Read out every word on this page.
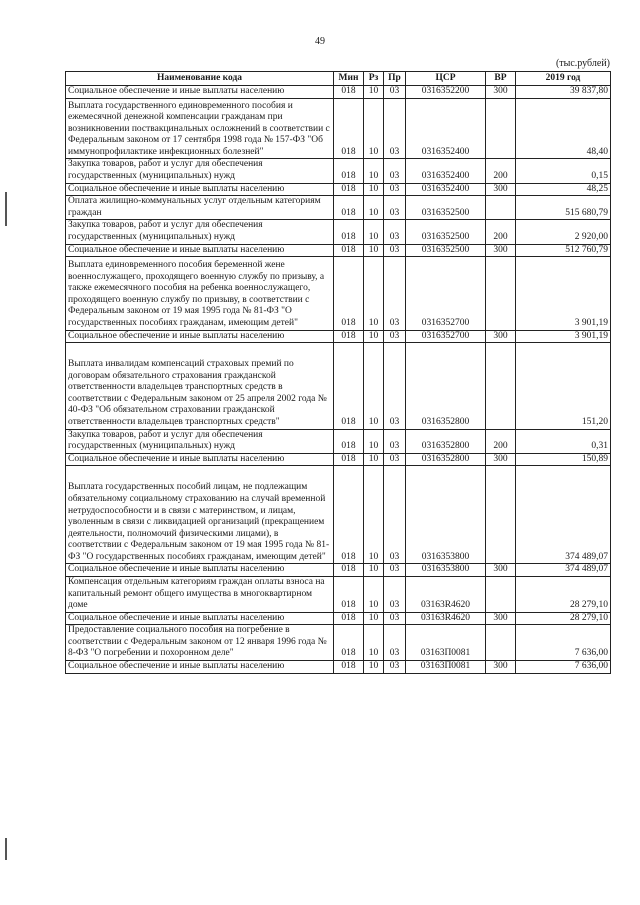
49
(тыс.рублей)
Наименование кода	Мин	Рз	Пр	ЦСР	ВР	2019 год
Социальное обеспечение и иные выплаты населению	018	10	03	0316352200	300	39 837,80
Выплата государственного единовременного пособия и ежемесячной денежной компенсации гражданам при возникновении поствакцинальных осложнений в соответствии с Федеральным законом от 17 сентября 1998 года № 157-ФЗ "Об иммунопрофилактике инфекционных болезней"	018	10	03	0316352400		48,40
Закупка товаров, работ и услуг для обеспечения государственных (муниципальных) нужд	018	10	03	0316352400	200	0,15
Социальное обеспечение и иные выплаты населению	018	10	03	0316352400	300	48,25
Оплата жилищно-коммунальных услуг отдельным категориям граждан	018	10	03	0316352500		515 680,79
Закупка товаров, работ и услуг для обеспечения государственных (муниципальных) нужд	018	10	03	0316352500	200	2 920,00
Социальное обеспечение и иные выплаты населению	018	10	03	0316352500	300	512 760,79
Выплата единовременного пособия беременной жене военнослужащего, проходящего военную службу по призыву, а также ежемесячного пособия на ребенка военнослужащего, проходящего военную службу по призыву, в соответствии с Федеральным законом от 19 мая 1995 года № 81-ФЗ "О государственных пособиях гражданам, имеющим детей"	018	10	03	0316352700		3 901,19
Социальное обеспечение и иные выплаты населению	018	10	03	0316352700	300	3 901,19
Выплата инвалидам компенсаций страховых премий по договорам обязательного страхования гражданской ответственности владельцев транспортных средств в соответствии с Федеральным законом от 25 апреля 2002 года № 40-ФЗ "Об обязательном страховании гражданской ответственности владельцев транспортных средств"	018	10	03	0316352800		151,20
Закупка товаров, работ и услуг для обеспечения государственных (муниципальных) нужд	018	10	03	0316352800	200	0,31
Социальное обеспечение и иные выплаты населению	018	10	03	0316352800	300	150,89
Выплата государственных пособий лицам, не подлежащим обязательному социальному страхованию на случай временной нетрудоспособности и в связи с материнством, и лицам, уволенным в связи с ликвидацией организаций (прекращением деятельности, полномочий физическими лицами), в соответствии с Федеральным законом от 19 мая 1995 года № 81-ФЗ "О государственных пособиях гражданам, имеющим детей"	018	10	03	0316353800		374 489,07
Социальное обеспечение и иные выплаты населению	018	10	03	0316353800	300	374 489,07
Компенсация отдельным категориям граждан оплаты взноса на капитальный ремонт общего имущества в многоквартирном доме	018	10	03	03163R4620		28 279,10
Социальное обеспечение и иные выплаты населению	018	10	03	03163R4620	300	28 279,10
Предоставление социального пособия на погребение в соответствии с Федеральным законом от 12 января 1996 года № 8-ФЗ "О погребении и похоронном деле"	018	10	03	03163П0081		7 636,00
Социальное обеспечение и иные выплаты населению	018	10	03	03163П0081	300	7 636,00
